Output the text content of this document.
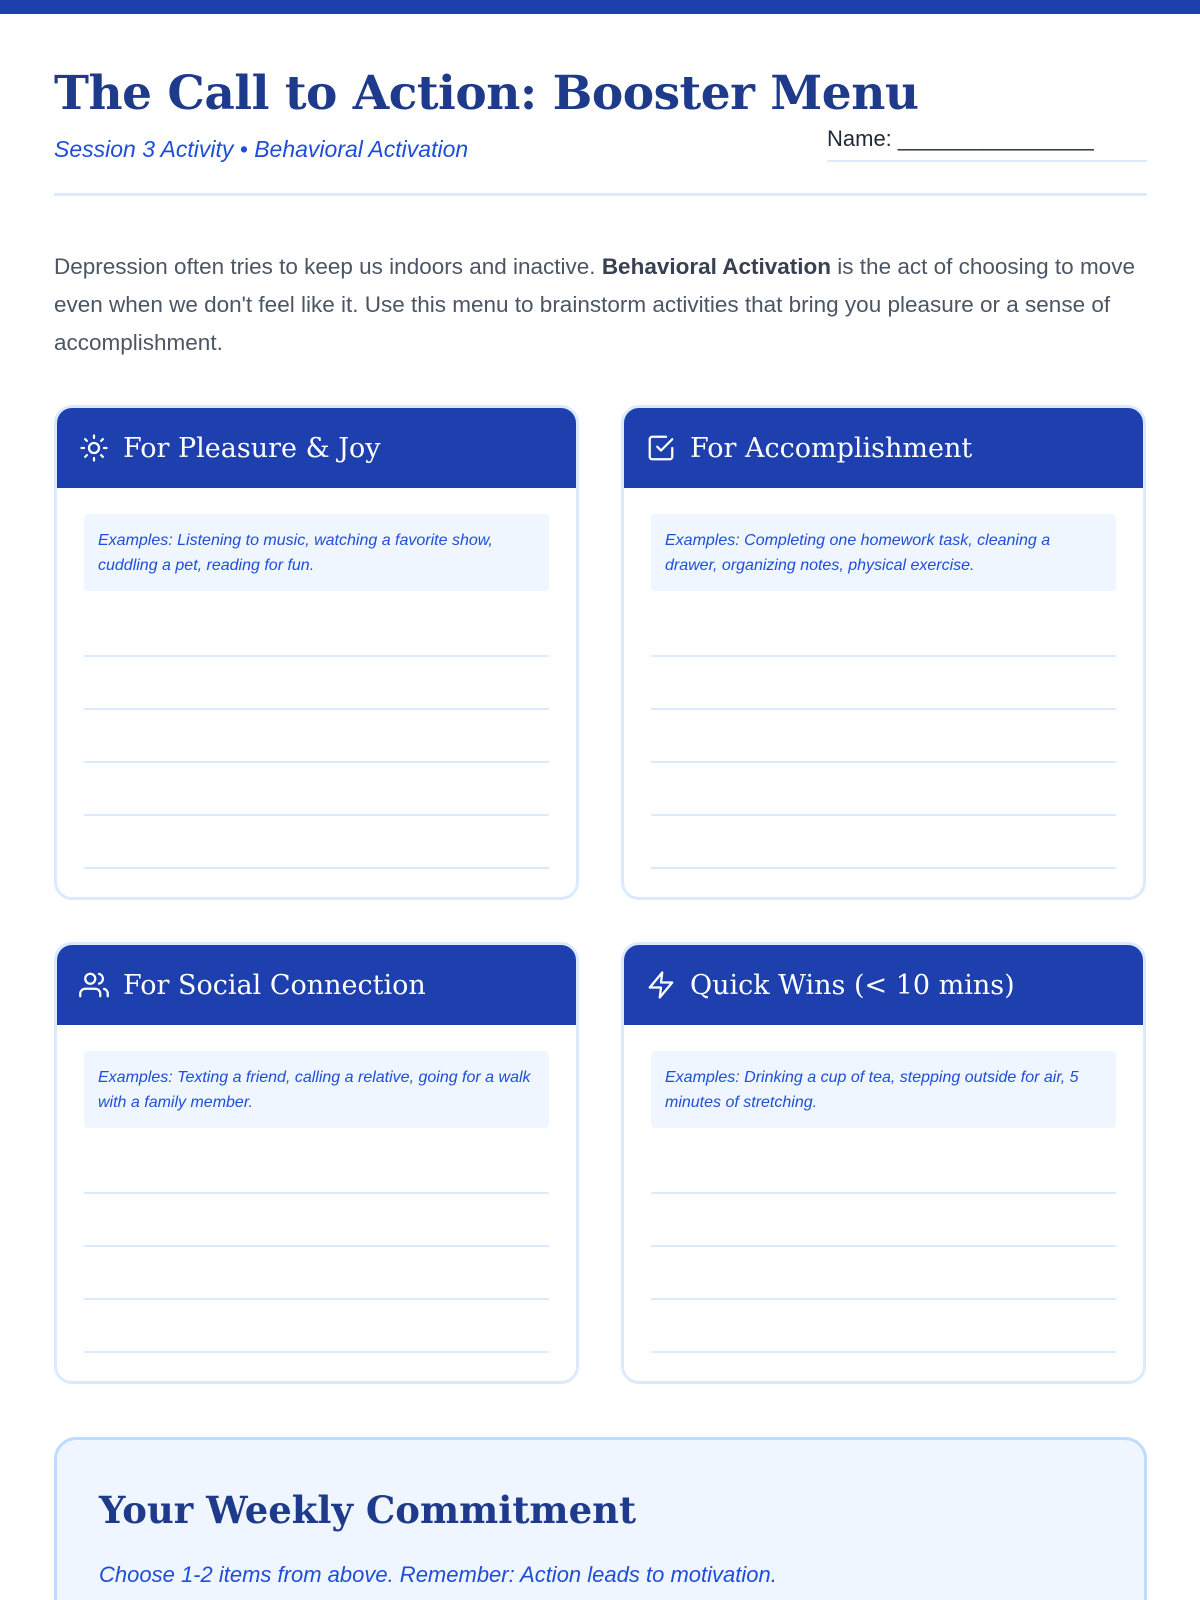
The Call to Action: Booster Menu
Session 3 Activity • Behavioral Activation	Name: ________________

Depression often tries to keep us indoors and inactive. Behavioral Activation is the act of choosing to move even when we don't feel like it. Use this menu to brainstorm activities that bring you pleasure or a sense of accomplishment.

For Pleasure & Joy
Examples: Listening to music, watching a favorite show, cuddling a pet, reading for fun.
For Accomplishment
Examples: Completing one homework task, cleaning a drawer, organizing notes, physical exercise.
For Social Connection
Examples: Texting a friend, calling a relative, going for a walk with a family member.
Quick Wins (< 10 mins)
Examples: Drinking a cup of tea, stepping outside for air, 5 minutes of stretching.
Your Weekly Commitment

Choose 1-2 items from above. Remember: Action leads to motivation.
